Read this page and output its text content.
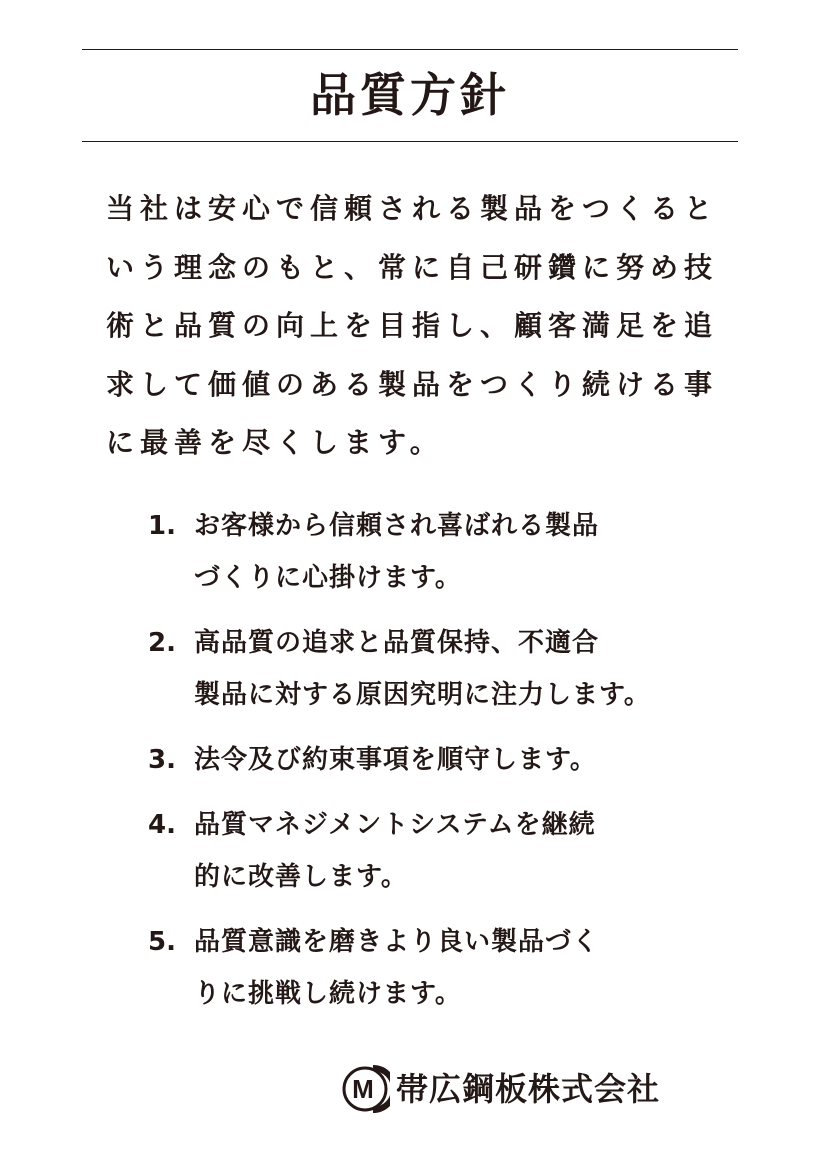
品質方針

当社は安心で信頼される製品をつくると
いう理念のもと、常に自己研鑽に努め技
術と品質の向上を目指し、顧客満足を追
求して価値のある製品をつくり続ける事
に最善を尽くします。

1. お客様から信頼され喜ばれる製品
づくりに心掛けます。
2. 高品質の追求と品質保持、不適合
製品に対する原因究明に注力します。
3. 法令及び約束事項を順守します。
4. 品質マネジメントシステムを継続
的に改善します。
5. 品質意識を磨きより良い製品づく
りに挑戦し続けます。
M 帯広鋼板株式会社
